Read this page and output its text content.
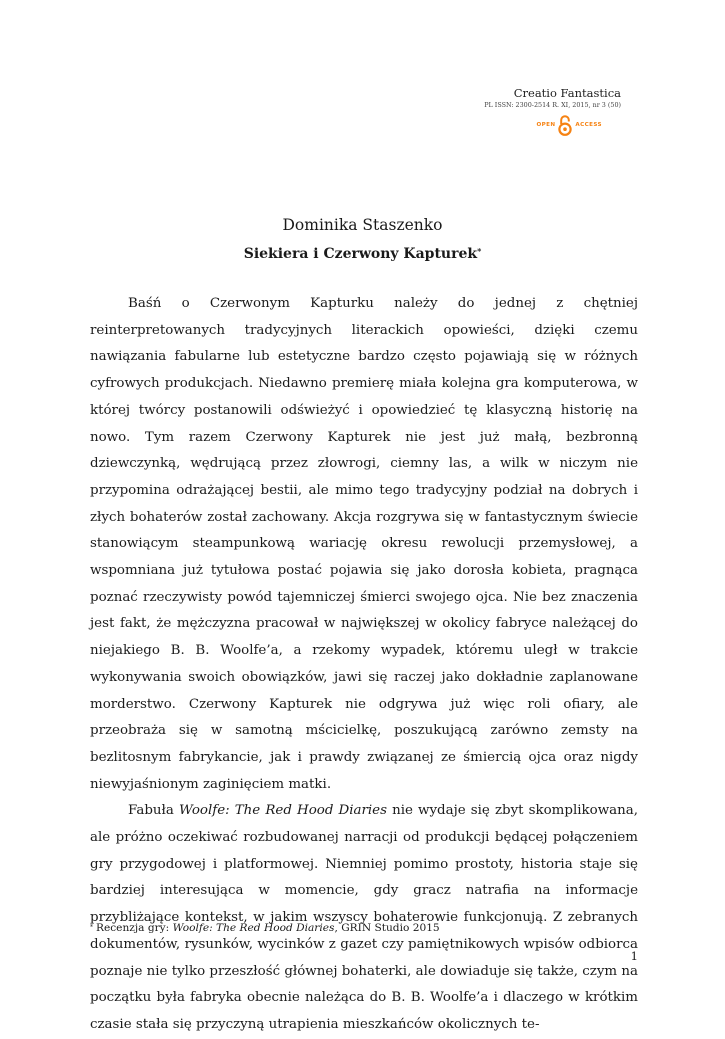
Creatio Fantastica
PL ISSN: 2300-2514 R. XI, 2015, nr 3 (50)
OPEN	ACCESS
Dominika Staszenko
Siekiera i Czerwony Kapturek*

Baśń o Czerwonym Kapturku należy do jednej z chętniej reinterpretowanych tradycyjnych literackich opowieści, dzięki czemu nawiązania fabularne lub estetyczne bardzo często pojawiają się w różnych cyfrowych produkcjach. Niedawno premierę miała kolejna gra komputerowa, w której twórcy postanowili odświeżyć i opowiedzieć tę klasyczną historię na nowo. Tym razem Czerwony Kapturek nie jest już małą, bezbronną dziewczynką, wędrującą przez złowrogi, ciemny las, a wilk w niczym nie przypomina odrażającej bestii, ale mimo tego tradycyjny podział na dobrych i złych bohaterów został zachowany. Akcja rozgrywa się w fantastycznym świecie stanowiącym steampunkową wariację okresu rewolucji przemysłowej, a wspomniana już tytułowa postać pojawia się jako dorosła kobieta, pragnąca poznać rzeczywisty powód tajemniczej śmierci swojego ojca. Nie bez znaczenia jest fakt, że mężczyzna pracował w największej w okolicy fabryce należącej do niejakiego B. B. Woolfe’a, a rzekomy wypadek, któremu uległ w trakcie wykonywania swoich obowiązków, jawi się raczej jako dokładnie zaplanowane morderstwo. Czerwony Kapturek nie odgrywa już więc roli ofiary, ale przeobraża się w samotną mścicielkę, poszukującą zarówno zemsty na bezlitosnym fabrykancie, jak i prawdy związanej ze śmiercią ojca oraz nigdy niewyjaśnionym zaginięciem matki.

Fabuła Woolfe: The Red Hood Diaries nie wydaje się zbyt skomplikowana, ale próżno oczekiwać rozbudowanej narracji od produkcji będącej połączeniem gry przygodowej i platformowej. Niemniej pomimo prostoty, historia staje się bardziej interesująca w momencie, gdy gracz natrafia na informacje przybliżające kontekst, w jakim wszyscy bohaterowie funkcjonują. Z zebranych dokumentów, rysunków, wycinków z gazet czy pamiętnikowych wpisów odbiorca poznaje nie tylko przeszłość głównej bohaterki, ale dowiaduje się także, czym na początku była fabryka obecnie należąca do B. B. Woolfe’a i dlaczego w krótkim czasie stała się przyczyną utrapienia mieszkańców okolicznych te-

* Recenzja gry: Woolfe: The Red Hood Diaries, GRIN Studio 2015
1
